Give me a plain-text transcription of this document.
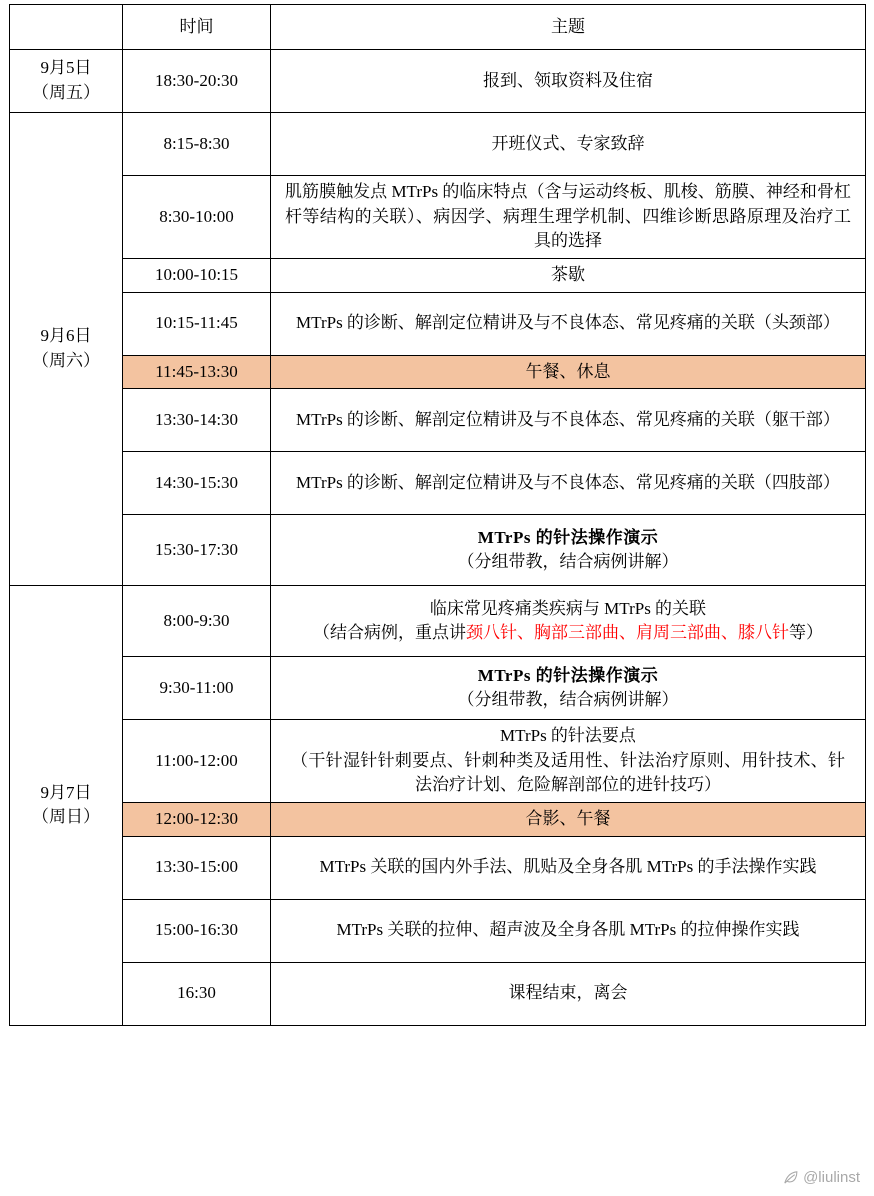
	时间	主题

9月5日
（周五）	18:30-20:30	报到、领取资料及住宿

9月6日
（周六）	8:15-8:30	开班仪式、专家致辞
	8:30-10:00	肌筋膜触发点 MTrPs 的临床特点（含与运动终板、肌梭、筋膜、神经和骨杠杆等结构的关联）、病因学、病理生理学机制、四维诊断思路原理及治疗工具的选择
	10:00-10:15	茶歇
	10:15-11:45	MTrPs 的诊断、解剖定位精讲及与不良体态、常见疼痛的关联（头颈部）
	11:45-13:30	午餐、休息
	13:30-14:30	MTrPs 的诊断、解剖定位精讲及与不良体态、常见疼痛的关联（躯干部）
	14:30-15:30	MTrPs 的诊断、解剖定位精讲及与不良体态、常见疼痛的关联（四肢部）
	15:30-17:30	MTrPs 的针法操作演示
（分组带教，结合病例讲解）

9月7日
（周日）	8:00-9:30	临床常见疼痛类疾病与 MTrPs 的关联
（结合病例，重点讲颈八针、胸部三部曲、肩周三部曲、膝八针等）

	9:30-11:00	MTrPs 的针法操作演示
（分组带教，结合病例讲解）

	11:00-12:00	MTrPs 的针法要点
（干针湿针针刺要点、针刺种类及适用性、针法治疗原则、用针技术、针法治疗计划、危险解剖部位的进针技巧）

	12:00-12:30	合影、午餐
	13:30-15:00	MTrPs 关联的国内外手法、肌贴及全身各肌 MTrPs 的手法操作实践
	15:00-16:30	MTrPs 关联的拉伸、超声波及全身各肌 MTrPs 的拉伸操作实践
	16:30	课程结束，离会
@liulinst
